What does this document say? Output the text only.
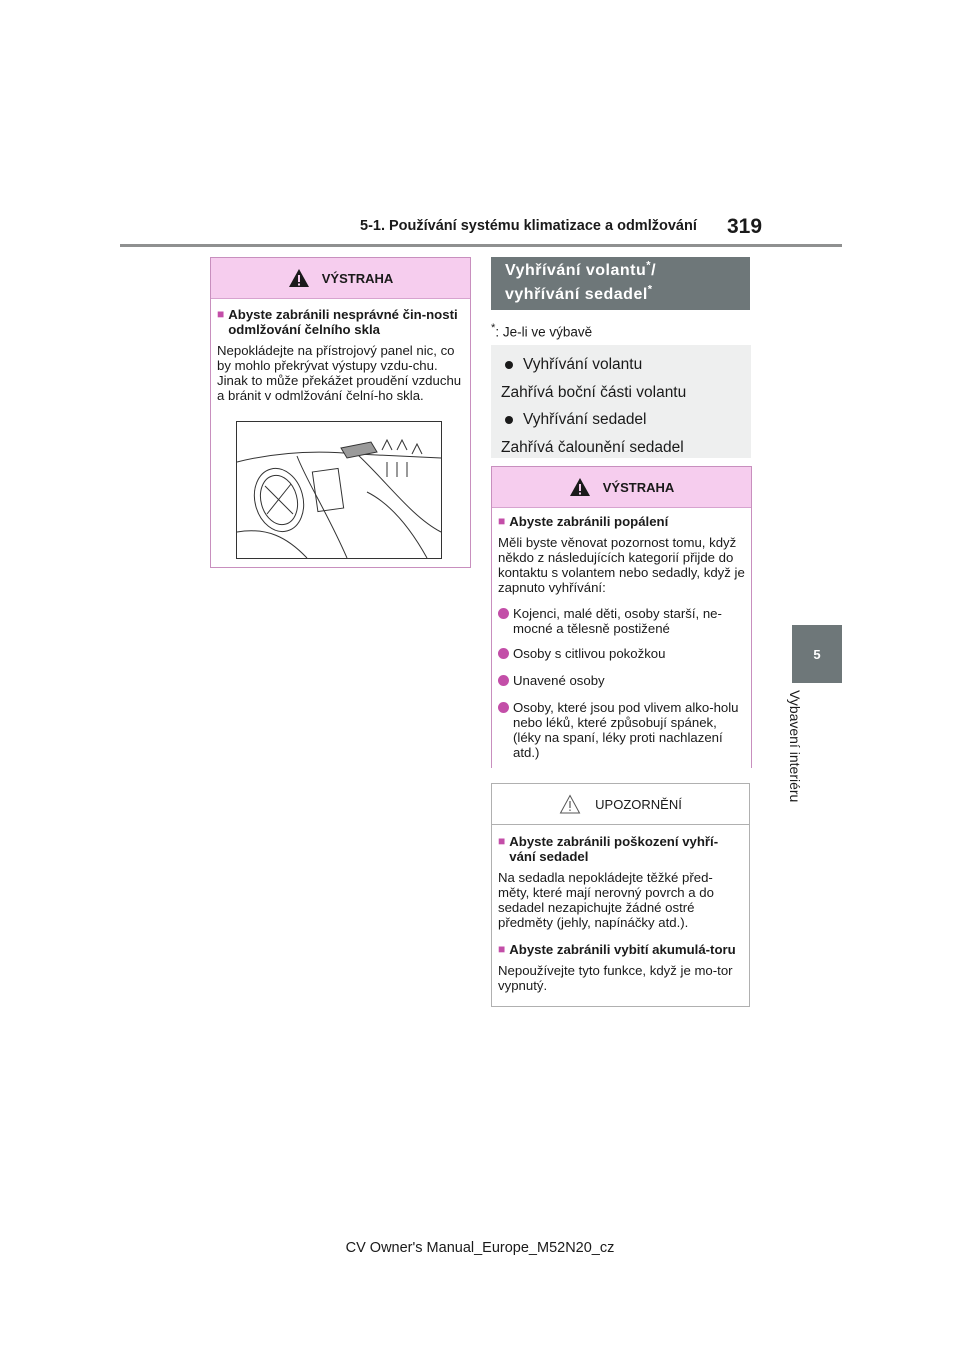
5-1. Používání systému klimatizace a odmlžování 319
5
Vybavení interiéru
VÝSTRAHA
■ Abyste zabránili nesprávné čin-nosti odmlžování čelního skla

Nepokládejte na přístrojový panel nic, co by mohlo překrývat výstupy vzdu-chu. Jinak to může překážet proudění vzduchu a bránit v odmlžování čelní-ho skla.

Vyhřívání volantu*/
vyhřívání sedadel*
*: Je-li ve výbavě
Vyhřívání volantu
Zahřívá boční části volantu
Vyhřívání sedadel
Zahřívá čalounění sedadel
VÝSTRAHA
■ Abyste zabránili popálení

Měli byste věnovat pozornost tomu, když někdo z následujících kategorií přijde do kontaktu s volantem nebo sedadly, když je zapnuto vyhřívání:

Kojenci, malé děti, osoby starší, ne-mocné a tělesně postižené
Osoby s citlivou pokožkou
Unavené osoby
Osoby, které jsou pod vlivem alko-holu nebo léků, které způsobují spánek, (léky na spaní, léky proti nachlazení atd.)
UPOZORNĚNÍ
■ Abyste zabránili poškození vyhří-vání sedadel

Na sedadla nepokládejte těžké před-měty, které mají nerovný povrch a do sedadel nezapichujte žádné ostré předměty (jehly, napínáčky atd.).

■ Abyste zabránili vybití akumulá-toru

Nepoužívejte tyto funkce, když je mo-tor vypnutý.

CV Owner's Manual_Europe_M52N20_cz
